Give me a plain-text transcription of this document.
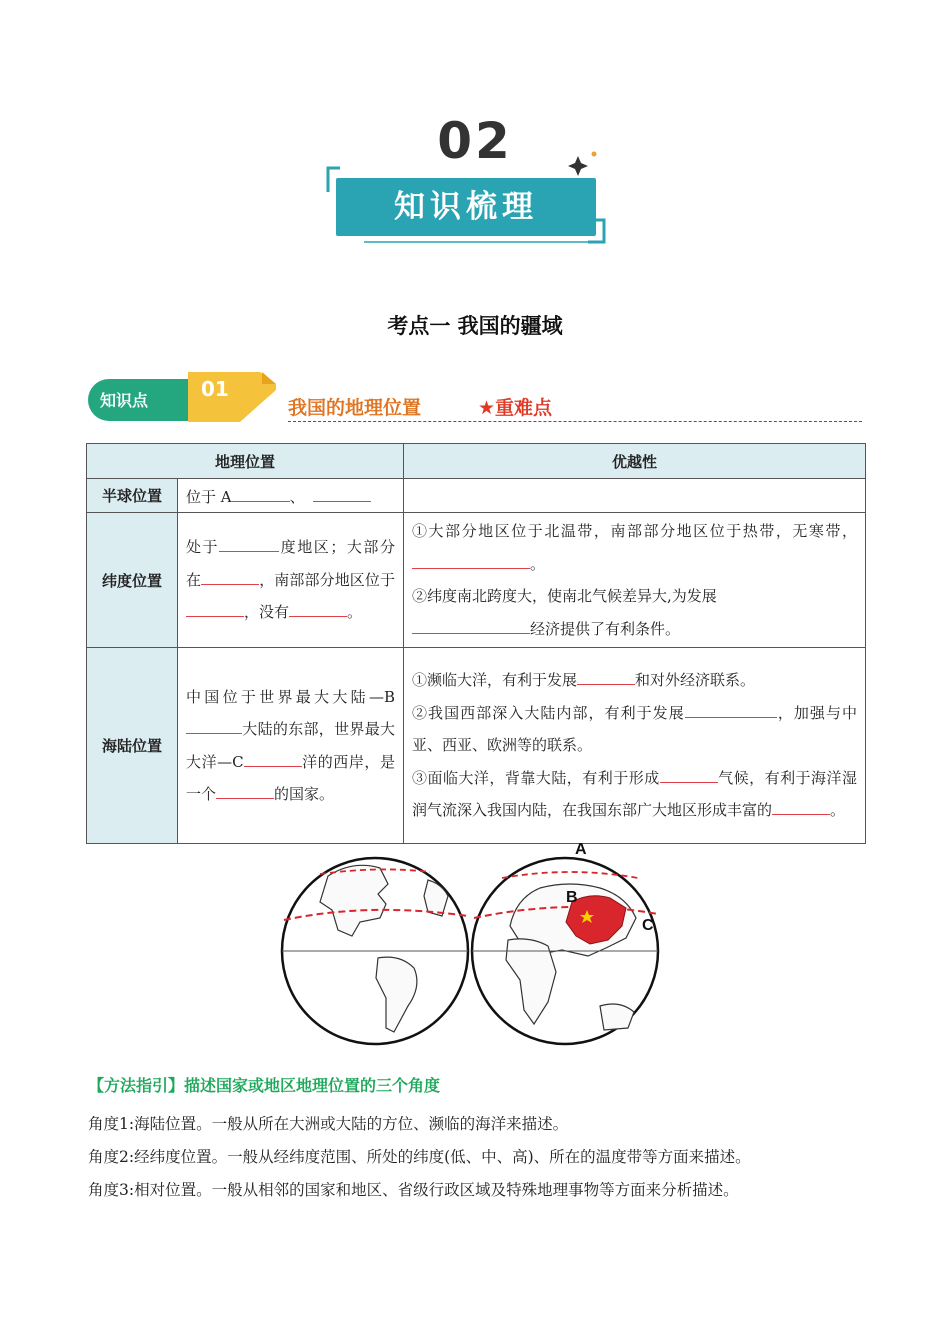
02
知识梳理
考点一 我国的疆域
知识点	01
我国的地理位置	★重难点
地理位置		优越性
半球位置	位于 A 、	
纬度位置	处于 度地区；大部分在 ，南部部分地区位于，没有 。	①大部分地区位于北温带，南部部分地区位于热带，无寒带，。
②纬度南北跨度大，使南北气候差异大,为发展
经济提供了有利条件。
海陆位置	中国位于世界最大大陆—B大陆的东部，世界最大大洋—C 洋的西岸，是一个 的国家。	①濒临大洋，有利于发展 和对外经济联系。
②我国西部深入大陆内部，有利于发展 ，加强与中亚、西亚、欧洲等的联系。
③面临大洋，背靠大陆，有利于形成 气候，有利于海洋湿润气流深入我国内陆，在我国东部广大地区形成丰富的 。
A
B
C
【方法指引】描述国家或地区地理位置的三个角度
角度1:海陆位置。一般从所在大洲或大陆的方位、濒临的海洋来描述。
角度2:经纬度位置。一般从经纬度范围、所处的纬度(低、中、高)、所在的温度带等方面来描述。
角度3:相对位置。一般从相邻的国家和地区、省级行政区域及特殊地理事物等方面来分析描述。
